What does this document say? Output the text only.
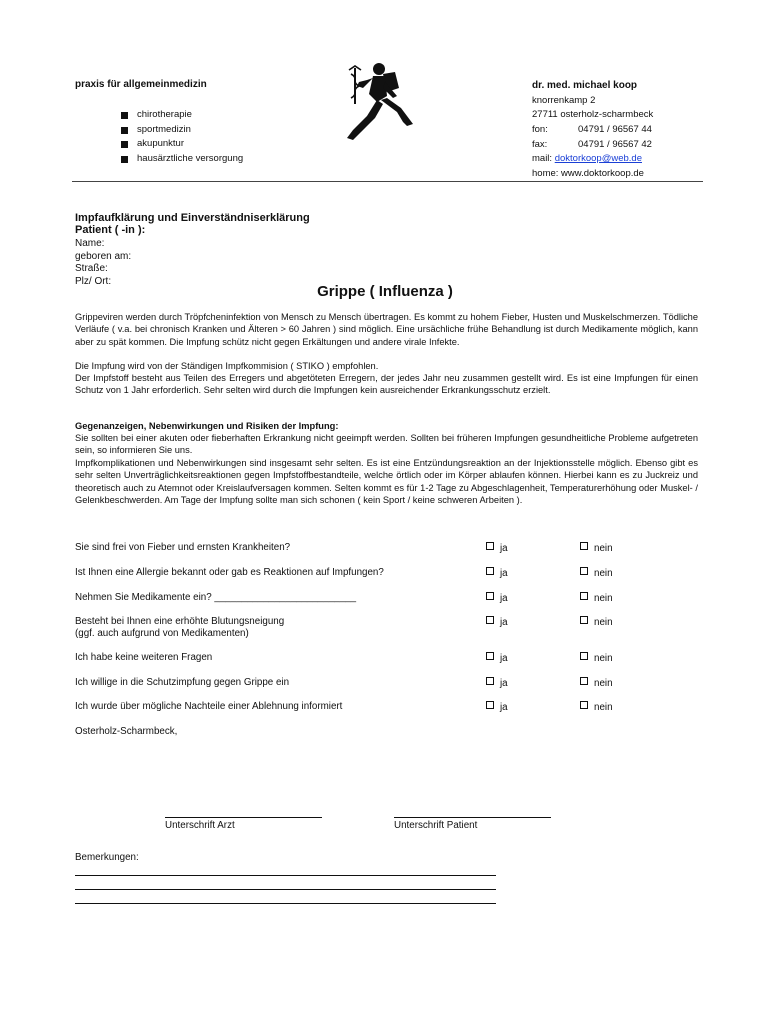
praxis für allgemeinmedizin
chirotherapie
sportmedizin
akupunktur
hausärztliche versorgung
dr. med. michael koop
knorrenkamp 2
27711 osterholz-scharmbeck
fon:	04791 / 96567 44
fax:	04791 / 96567 42
mail: doktorkoop@web.de
home: www.doktorkoop.de
Impfaufklärung und Einverständniserklärung
Patient ( -in ):
Name:
geboren am:
Straße:
Plz/ Ort:
Grippe ( Influenza )
Grippeviren werden durch Tröpfcheninfektion von Mensch zu Mensch übertragen. Es kommt zu hohem Fieber, Husten und Muskelschmerzen. Tödliche Verläufe ( v.a. bei chronisch Kranken und Älteren > 60 Jahren ) sind möglich. Eine ursächliche frühe Behandlung ist durch Medikamente möglich, kann aber zu spät kommen. Die Impfung schütz nicht gegen Erkältungen und andere virale Infekte.
Die Impfung wird von der Ständigen Impfkommision ( STIKO ) empfohlen.
Der Impfstoff besteht aus Teilen des Erregers und abgetöteten Erregern, der jedes Jahr neu zusammen gestellt wird. Es ist eine Impfungen für einen Schutz von 1 Jahr erforderlich. Sehr selten wird durch die Impfungen kein ausreichender Erkrankungsschutz erzielt.
Gegenanzeigen, Nebenwirkungen und Risiken der Impfung:
Sie sollten bei einer akuten oder fieberhaften Erkrankung nicht geeimpft werden. Sollten bei früheren Impfungen gesundheitliche Probleme aufgetreten sein, so informieren Sie uns.
Impfkomplikationen und Nebenwirkungen sind insgesamt sehr selten. Es ist eine Entzündungsreaktion an der Injektionsstelle möglich. Ebenso gibt es sehr selten Unverträglichkeitsreaktionen gegen Impfstoffbestandteile, welche örtlich oder im Körper ablaufen können. Hierbei kann es zu Juckreiz und theoretisch auch zu Atemnot oder Kreislaufversagen kommen. Selten kommt es für 1-2 Tage zu Abgeschlagenheit, Temperaturerhöhung oder Muskel- / Gelenkbeschwerden. Am Tage der Impfung sollte man sich schonen ( kein Sport / keine schweren Arbeiten ).
Sie sind frei von Fieber und ernsten Krankheiten?	ja	nein
Ist Ihnen eine Allergie bekannt oder gab es Reaktionen auf Impfungen?	ja	nein
Nehmen Sie Medikamente ein? __________________________	ja	nein
Besteht bei Ihnen eine erhöhte Blutungsneigung
(ggf. auch aufgrund von Medikamenten)
ja	nein
Ich habe keine weiteren Fragen	ja	nein
Ich willige in die Schutzimpfung gegen Grippe ein	ja	nein
Ich wurde über mögliche Nachteile einer Ablehnung informiert	ja	nein
Osterholz-Scharmbeck,
Unterschrift Arzt	Unterschrift Patient
Bemerkungen:
